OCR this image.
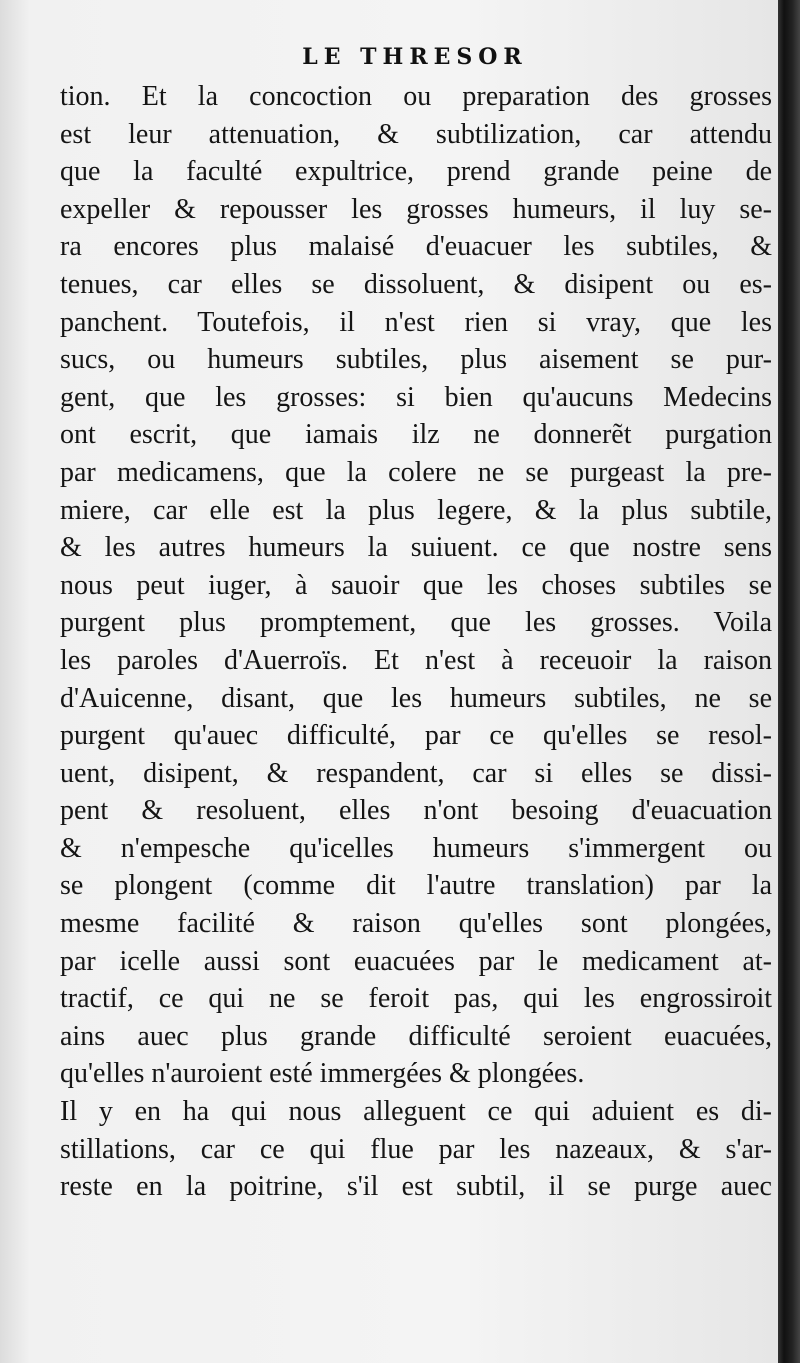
LE THRESOR
tion. Et la concoction ou preparation des grosses
est leur attenuation, & subtilization, car attendu
que la faculté expultrice, prend grande peine de
expeller & repousser les grosses humeurs, il luy se-
ra encores plus malaisé d'euacuer les subtiles, &
tenues, car elles se dissoluent, & disipent ou es-
panchent. Toutefois, il n'est rien si vray, que les
sucs, ou humeurs subtiles, plus aisement se pur-
gent, que les grosses: si bien qu'aucuns Medecins
ont escrit, que iamais ilz ne donnerẽt purgation
par medicamens, que la colere ne se purgeast la pre-
miere, car elle est la plus legere, & la plus subtile,
& les autres humeurs la suiuent. ce que nostre sens
nous peut iuger, à sauoir que les choses subtiles se
purgent plus promptement, que les grosses. Voila
les paroles d'Auerroïs. Et n'est à receuoir la raison
d'Auicenne, disant, que les humeurs subtiles, ne se
purgent qu'auec difficulté, par ce qu'elles se resol-
uent, disipent, & respandent, car si elles se dissi-
pent & resoluent, elles n'ont besoing d'euacuation
& n'empesche qu'icelles humeurs s'immergent ou
se plongent (comme dit l'autre translation) par la
mesme facilité & raison qu'elles sont plongées,
par icelle aussi sont euacuées par le medicament at-
tractif, ce qui ne se feroit pas, qui les engrossiroit
ains auec plus grande difficulté seroient euacuées,
qu'elles n'auroient esté immergées & plongées.
Il y en ha qui nous alleguent ce qui aduient es di-
stillations, car ce qui flue par les nazeaux, & s'ar-
reste en la poitrine, s'il est subtil, il se purge auec
